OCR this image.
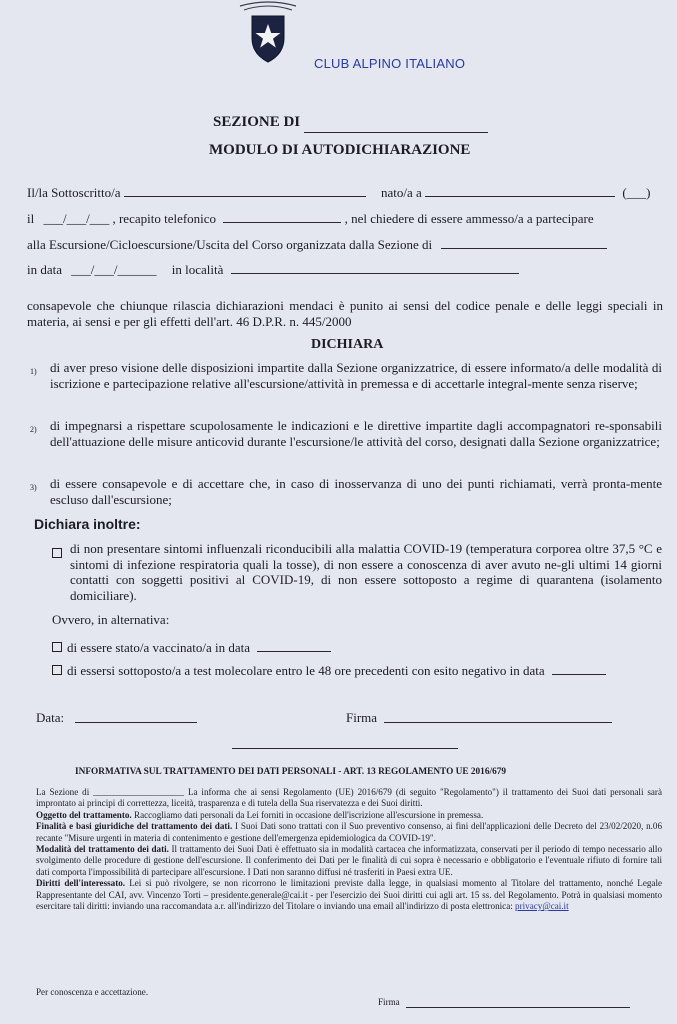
CLUB ALPINO ITALIANO
SEZIONE DI
MODULO DI AUTODICHIARAZIONE
Il/la Sottoscritto/a	nato/a a	(___)
il ___/___/___ , recapito telefonico	, nel chiedere di essere ammesso/a a partecipare
alla Escursione/Cicloescursione/Uscita del Corso organizzata dalla Sezione di
in data ___/___/______ in località
consapevole che chiunque rilascia dichiarazioni mendaci è punito ai sensi del codice penale e delle leggi speciali in materia, ai sensi e per gli effetti dell'art. 46 D.P.R. n. 445/2000
DICHIARA
1) di aver preso visione delle disposizioni impartite dalla Sezione organizzatrice, di essere informato/a delle modalità di iscrizione e partecipazione relative all'escursione/attività in premessa e di accettarle integral-mente senza riserve;
2) di impegnarsi a rispettare scupolosamente le indicazioni e le direttive impartite dagli accompagnatori re-sponsabili dell'attuazione delle misure anticovid durante l'escursione/le attività del corso, designati dalla Sezione organizzatrice;
3) di essere consapevole e di accettare che, in caso di inosservanza di uno dei punti richiamati, verrà pronta-mente escluso dall'escursione;
Dichiara inoltre:
di non presentare sintomi influenzali riconducibili alla malattia COVID-19 (temperatura corporea oltre 37,5 °C e sintomi di infezione respiratoria quali la tosse), di non essere a conoscenza di aver avuto ne-gli ultimi 14 giorni contatti con soggetti positivi al COVID-19, di non essere sottoposto a regime di quarantena (isolamento domiciliare).
Ovvero, in alternativa:
di essere stato/a vaccinato/a in data
di essersi sottoposto/a a test molecolare entro le 48 ore precedenti con esito negativo in data
Data:	Firma
INFORMATIVA SUL TRATTAMENTO DEI DATI PERSONALI - ART. 13 REGOLAMENTO UE 2016/679
La Sezione di ____________________ La informa che ai sensi Regolamento (UE) 2016/679 (di seguito "Regolamento") il trattamento dei Suoi dati personali sarà improntato ai principi di correttezza, liceità, trasparenza e di tutela della Sua riservatezza e dei Suoi diritti.
Oggetto del trattamento. Raccogliamo dati personali da Lei forniti in occasione dell'iscrizione all'escursione in premessa.
Finalità e basi giuridiche del trattamento dei dati. I Suoi Dati sono trattati con il Suo preventivo consenso, ai fini dell'applicazioni delle Decreto del 23/02/2020, n.06 recante "Misure urgenti in materia di contenimento e gestione dell'emergenza epidemiologica da COVID-19".
Modalità del trattamento dei dati. Il trattamento dei Suoi Dati è effettuato sia in modalità cartacea che informatizzata, conservati per il periodo di tempo necessario allo svolgimento delle procedure di gestione dell'escursione. Il conferimento dei Dati per le finalità di cui sopra è necessario e obbligatorio e l'eventuale rifiuto di fornire tali dati comporta l'impossibilità di partecipare all'escursione. I Dati non saranno diffusi né trasferiti in Paesi extra UE.
Diritti dell'interessato. Lei si può rivolgere, se non ricorrono le limitazioni previste dalla legge, in qualsiasi momento al Titolare del trattamento, nonché Legale Rappresentante del CAI, avv. Vincenzo Torti – presidente.generale@cai.it - per l'esercizio dei Suoi diritti cui agli art. 15 ss. del Regolamento. Potrà in qualsiasi momento esercitare tali diritti: inviando una raccomandata a.r. all'indirizzo del Titolare o inviando una email all'indirizzo di posta elettronica: privacy@cai.it
Per conoscenza e accettazione.
Firma
